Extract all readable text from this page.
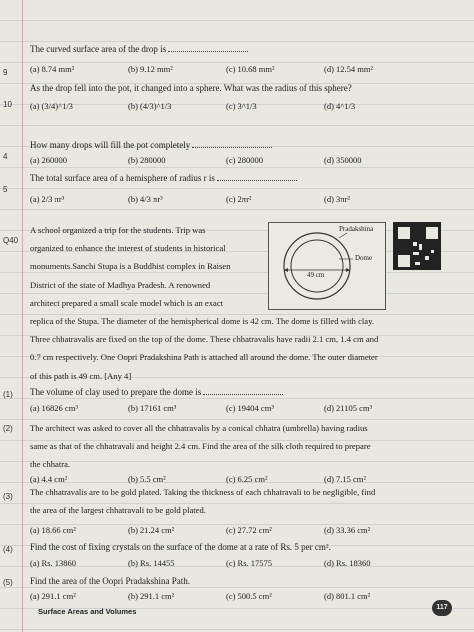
9
The curved surface area of the drop is
(a) 8.74 mm²	(b) 9.12 mm²	(c) 10.68 mm²	(d) 12.54 mm²
10
As the drop fell into the pot, it changed into a sphere. What was the radius of this sphere?
(a) (3/4)^1/3	(b) (4/3)^1/3	(c) 3^1/3	(d) 4^1/3
4
How many drops will fill the pot completely
(a) 260000	(b) 280000	(c) 280000	(d) 350000
5
The total surface area of a hemisphere of radius r is
(a) 2/3 πr³	(b) 4/3 πr³	(c) 2πr²	(d) 3πr²
Q40
A school organized a trip for the students. Trip was
organized to enhance the interest of students in historical
monuments.Sanchi Stupa is a Buddhist complex in Raisen
District of the state of Madhya Pradesh. A renowned
architect prepared a small scale model which is an exact
replica of the Stupa. The diameter of the hemispherical dome is 42 cm. The dome is filled with clay.
Three chhatravalis are fixed on the top of the dome. These chhatravalis have radii 2.1 cm, 1.4 cm and
0.7 cm respectively. One Oopri Pradakshina Path is attached all around the dome. The outer diameter
of this path is 49 cm. [Any 4]
Pradakshina
Dome
49 cm
(1) The volume of clay used to prepare the dome is
(a) 16826 cm³	(b) 17161 cm³	(c) 19404 cm³	(d) 21105 cm³
(2) The architect was asked to cover all the chhatravalis by a conical chhatra (umbrella) having radius
same as that of the chhatravali and height 2.4 cm. Find the area of the silk cloth required to prepare
the chhatra.
(a) 4.4 cm²	(b) 5.5 cm²	(c) 6.25 cm²	(d) 7.15 cm²
(3) The chhatravalis are to be gold plated. Taking the thickness of each chhatravali to be negligible, find
the area of the largest chhatravali to be gold plated.
(a) 18.66 cm²	(b) 21.24 cm²	(c) 27.72 cm²	(d) 33.36 cm²
(4) Find the cost of fixing crystals on the surface of the dome at a rate of Rs. 5 per cm².
(a) Rs. 13860	(b) Rs. 14455	(c) Rs. 17575	(d) Rs. 18360
(5) Find the area of the Oopri Pradakshina Path.
(a) 291.1 cm²	(b) 291.1 cm²	(c) 500.5 cm²	(d) 801.1 cm²
Surface Areas and Volumes	117
